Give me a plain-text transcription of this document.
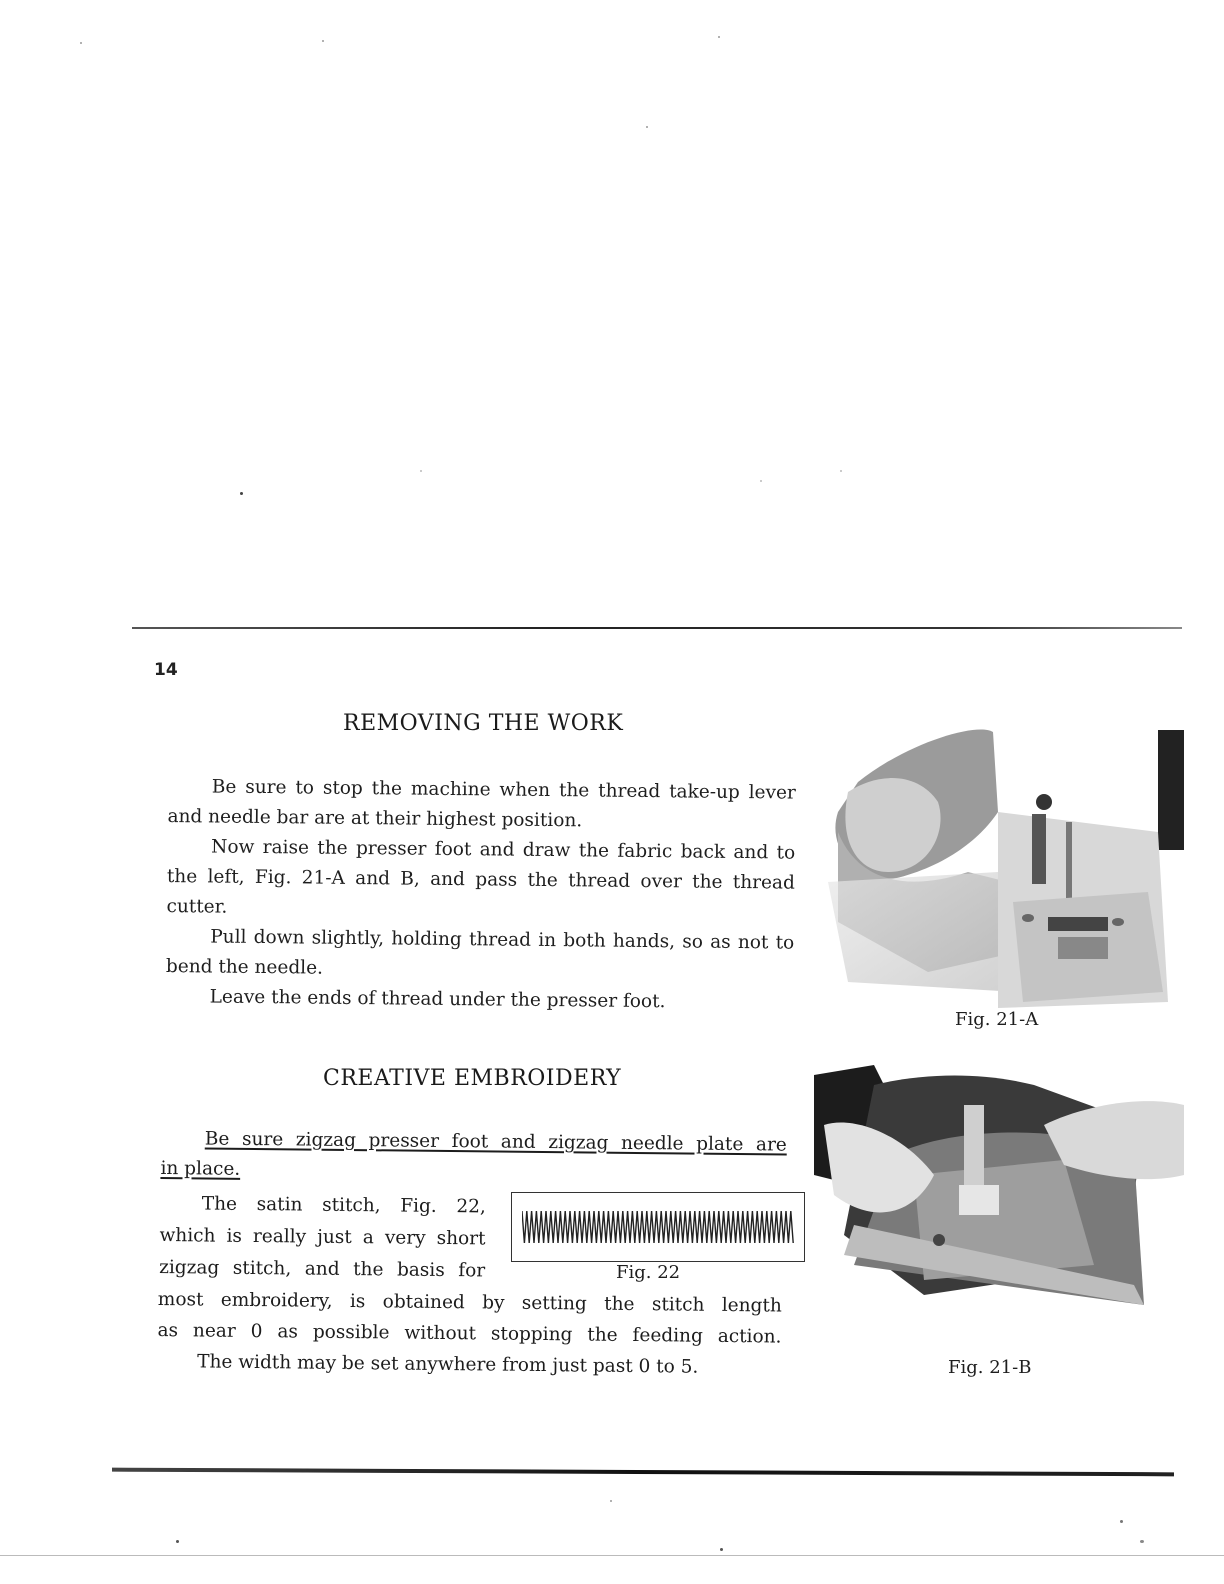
14
REMOVING THE WORK

Be sure to stop the machine when the thread take-up lever and needle bar are at their highest position.

Now raise the presser foot and draw the fabric back and to the left, Fig. 21-A and B, and pass the thread over the thread cutter.

Pull down slightly, holding thread in both hands, so as not to bend the needle.

Leave the ends of thread under the presser foot.

Fig. 21-A
CREATIVE EMBROIDERY
Be sure zigzag presser foot and zigzag needle plate are
in place.

The satin stitch, Fig. 22,

which is really just a very short

zigzag stitch, and the basis for	Fig. 22

most embroidery, is obtained by setting the stitch length

as near 0 as possible without stopping the feeding action.

The width may be set anywhere from just past 0 to 5.	Fig. 21-B
